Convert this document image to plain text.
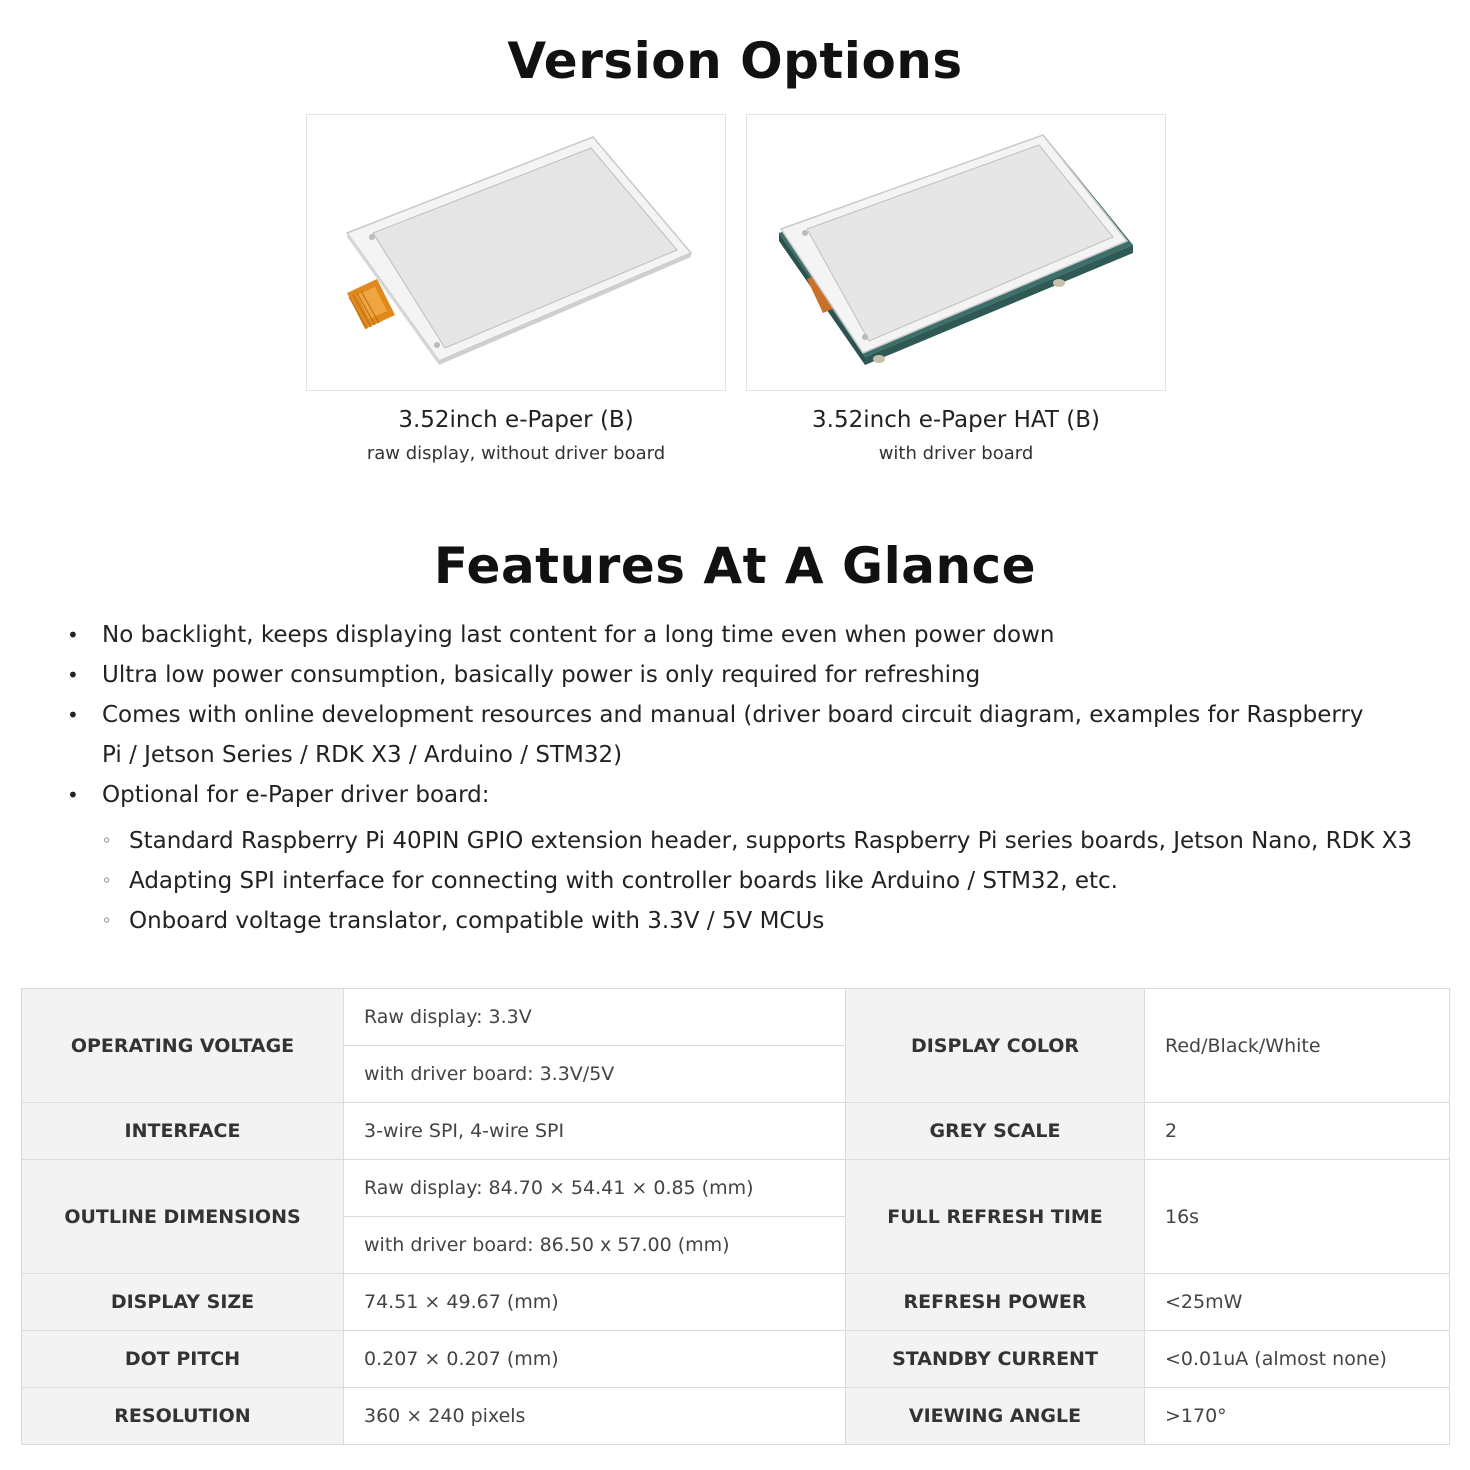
Version Options
3.52inch e-Paper (B)
raw display, without driver board
3.52inch e-Paper HAT (B)
with driver board
Features At A Glance
• No backlight, keeps displaying last content for a long time even when power down
• Ultra low power consumption, basically power is only required for refreshing
• Comes with online development resources and manual (driver board circuit diagram, examples for Raspberry Pi / Jetson Series / RDK X3 / Arduino / STM32)
• Optional for e-Paper driver board:
◦ Standard Raspberry Pi 40PIN GPIO extension header, supports Raspberry Pi series boards, Jetson Nano, RDK X3
◦ Adapting SPI interface for connecting with controller boards like Arduino / STM32, etc.
◦ Onboard voltage translator, compatible with 3.3V / 5V MCUs
OPERATING VOLTAGE	Raw display: 3.3V	DISPLAY COLOR	Red/Black/White
	with driver board: 3.3V/5V		
INTERFACE	3-wire SPI, 4-wire SPI	GREY SCALE	2
OUTLINE DIMENSIONS	Raw display: 84.70 × 54.41 × 0.85 (mm)	FULL REFRESH TIME	16s
	with driver board: 86.50 x 57.00 (mm)		
DISPLAY SIZE	74.51 × 49.67 (mm)	REFRESH POWER	<25mW
DOT PITCH	0.207 × 0.207 (mm)	STANDBY CURRENT	<0.01uA (almost none)
RESOLUTION	360 × 240 pixels	VIEWING ANGLE	>170°
